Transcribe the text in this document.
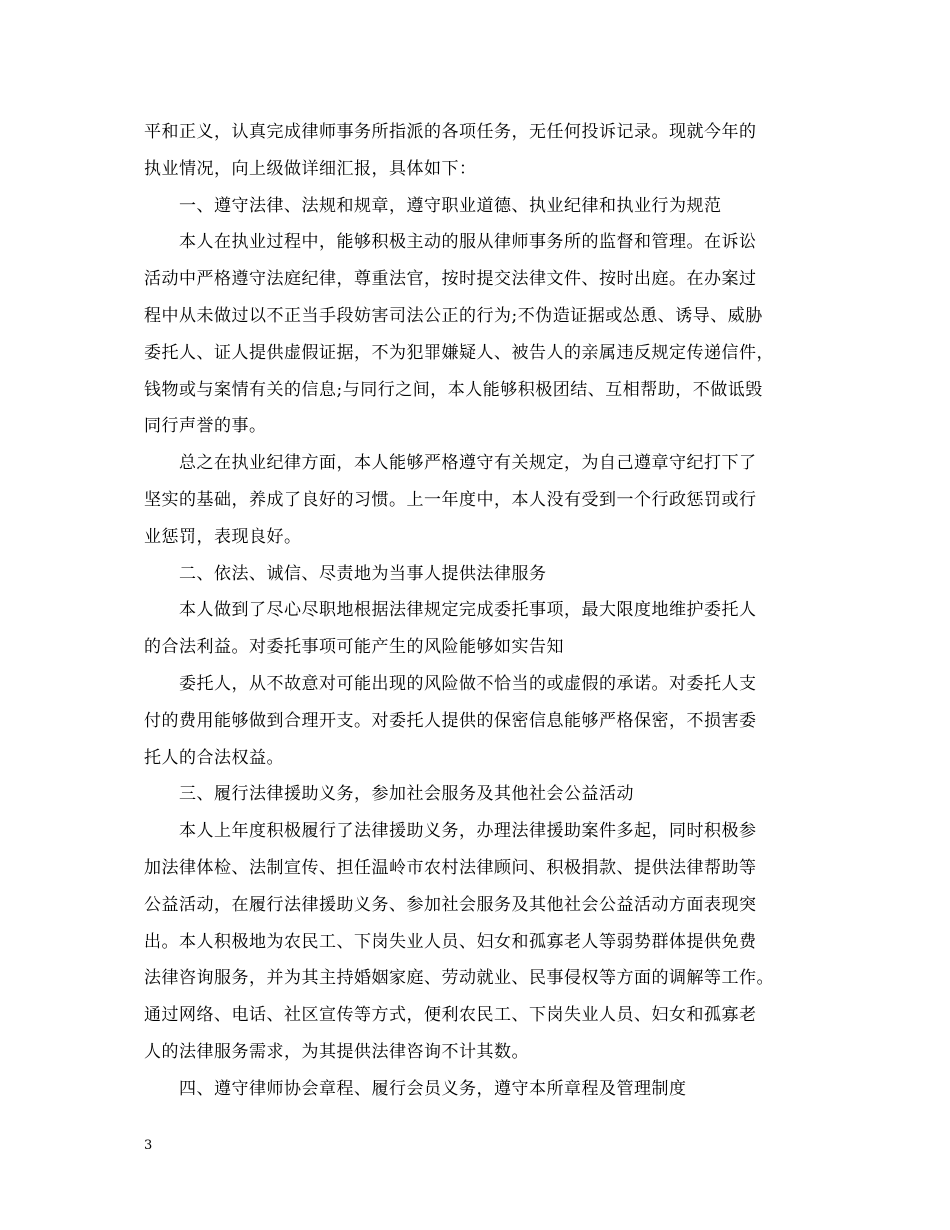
平和正义，认真完成律师事务所指派的各项任务，无任何投诉记录。现就今年的
执业情况，向上级做详细汇报，具体如下：
一、遵守法律、法规和规章，遵守职业道德、执业纪律和执业行为规范
本人在执业过程中，能够积极主动的服从律师事务所的监督和管理。在诉讼
活动中严格遵守法庭纪律，尊重法官，按时提交法律文件、按时出庭。在办案过
程中从未做过以不正当手段妨害司法公正的行为;不伪造证据或怂恿、诱导、威胁
委托人、证人提供虚假证据，不为犯罪嫌疑人、被告人的亲属违反规定传递信件，
钱物或与案情有关的信息;与同行之间，本人能够积极团结、互相帮助，不做诋毁
同行声誉的事。
总之在执业纪律方面，本人能够严格遵守有关规定，为自己遵章守纪打下了
坚实的基础，养成了良好的习惯。上一年度中，本人没有受到一个行政惩罚或行
业惩罚，表现良好。
二、依法、诚信、尽责地为当事人提供法律服务
本人做到了尽心尽职地根据法律规定完成委托事项，最大限度地维护委托人
的合法利益。对委托事项可能产生的风险能够如实告知
委托人，从不故意对可能出现的风险做不恰当的或虚假的承诺。对委托人支
付的费用能够做到合理开支。对委托人提供的保密信息能够严格保密，不损害委
托人的合法权益。
三、履行法律援助义务，参加社会服务及其他社会公益活动
本人上年度积极履行了法律援助义务，办理法律援助案件多起，同时积极参
加法律体检、法制宣传、担任温岭市农村法律顾问、积极捐款、提供法律帮助等
公益活动，在履行法律援助义务、参加社会服务及其他社会公益活动方面表现突
出。本人积极地为农民工、下岗失业人员、妇女和孤寡老人等弱势群体提供免费
法律咨询服务，并为其主持婚姻家庭、劳动就业、民事侵权等方面的调解等工作。
通过网络、电话、社区宣传等方式，便利农民工、下岗失业人员、妇女和孤寡老
人的法律服务需求，为其提供法律咨询不计其数。
四、遵守律师协会章程、履行会员义务，遵守本所章程及管理制度
3
